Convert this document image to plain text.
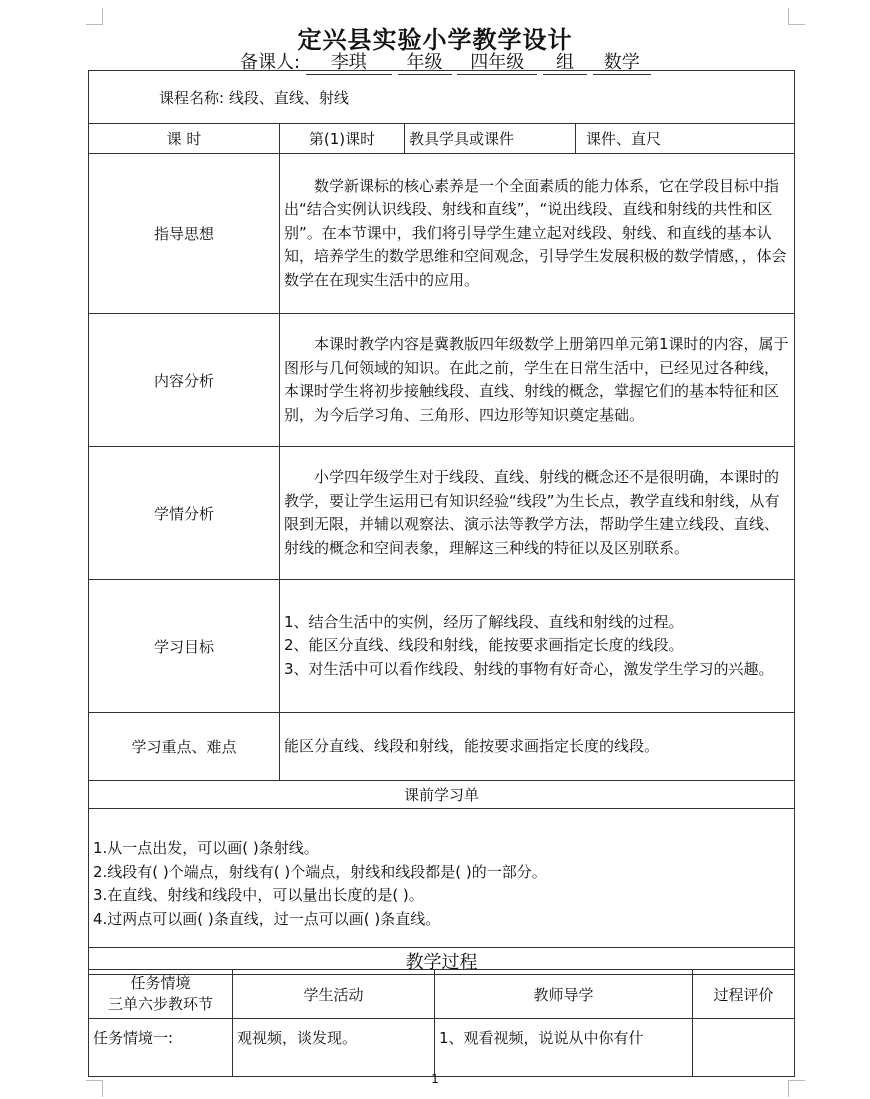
定兴县实验小学教学设计
备课人: 李琪 年级 四年级 组 数学
课程名称: 线段、直线、射线			
课 时	第(1)课时	教具学具或课件	课件、直尺
指导思想	数学新课标的核心素养是一个全面素质的能力体系，它在学段目标中指出“结合实例认识线段、射线和直线”，“说出线段、直线和射线的共性和区别”。在本节课中，我们将引导学生建立起对线段、射线、和直线的基本认知，培养学生的数学思维和空间观念，引导学生发展积极的数学情感，，体会数学在在现实生活中的应用。		
内容分析	本课时教学内容是冀教版四年级数学上册第四单元第1课时的内容，属于图形与几何领域的知识。在此之前，学生在日常生活中，已经见过各种线，本课时学生将初步接触线段、直线、射线的概念，掌握它们的基本特征和区别，为今后学习角、三角形、四边形等知识奠定基础。		
学情分析	小学四年级学生对于线段、直线、射线的概念还不是很明确，本课时的教学，要让学生运用已有知识经验“线段”为生长点，教学直线和射线，从有限到无限，并辅以观察法、演示法等教学方法，帮助学生建立线段、直线、射线的概念和空间表象，理解这三种线的特征以及区别联系。		
学习目标	1、结合生活中的实例，经历了解线段、直线和射线的过程。
2、能区分直线、线段和射线，能按要求画指定长度的线段。
3、对生活中可以看作线段、射线的事物有好奇心，激发学生学习的兴趣。		

学习重点、难点	能区分直线、线段和射线，能按要求画指定长度的线段。		
课前学习单			

1.从一点出发，可以画( )条射线。
2.线段有( )个端点，射线有( )个端点，射线和线段都是( )的一部分。
3.在直线、射线和线段中，可以量出长度的是( )。
4.过两点可以画( )条直线，过一点可以画( )条直线。			

教学过程			
任务情境
三单六步教环节	学生活动	教师导学	过程评价
任务情境一:	观视频，谈发现。	1、观看视频，说说从中你有什	
1
